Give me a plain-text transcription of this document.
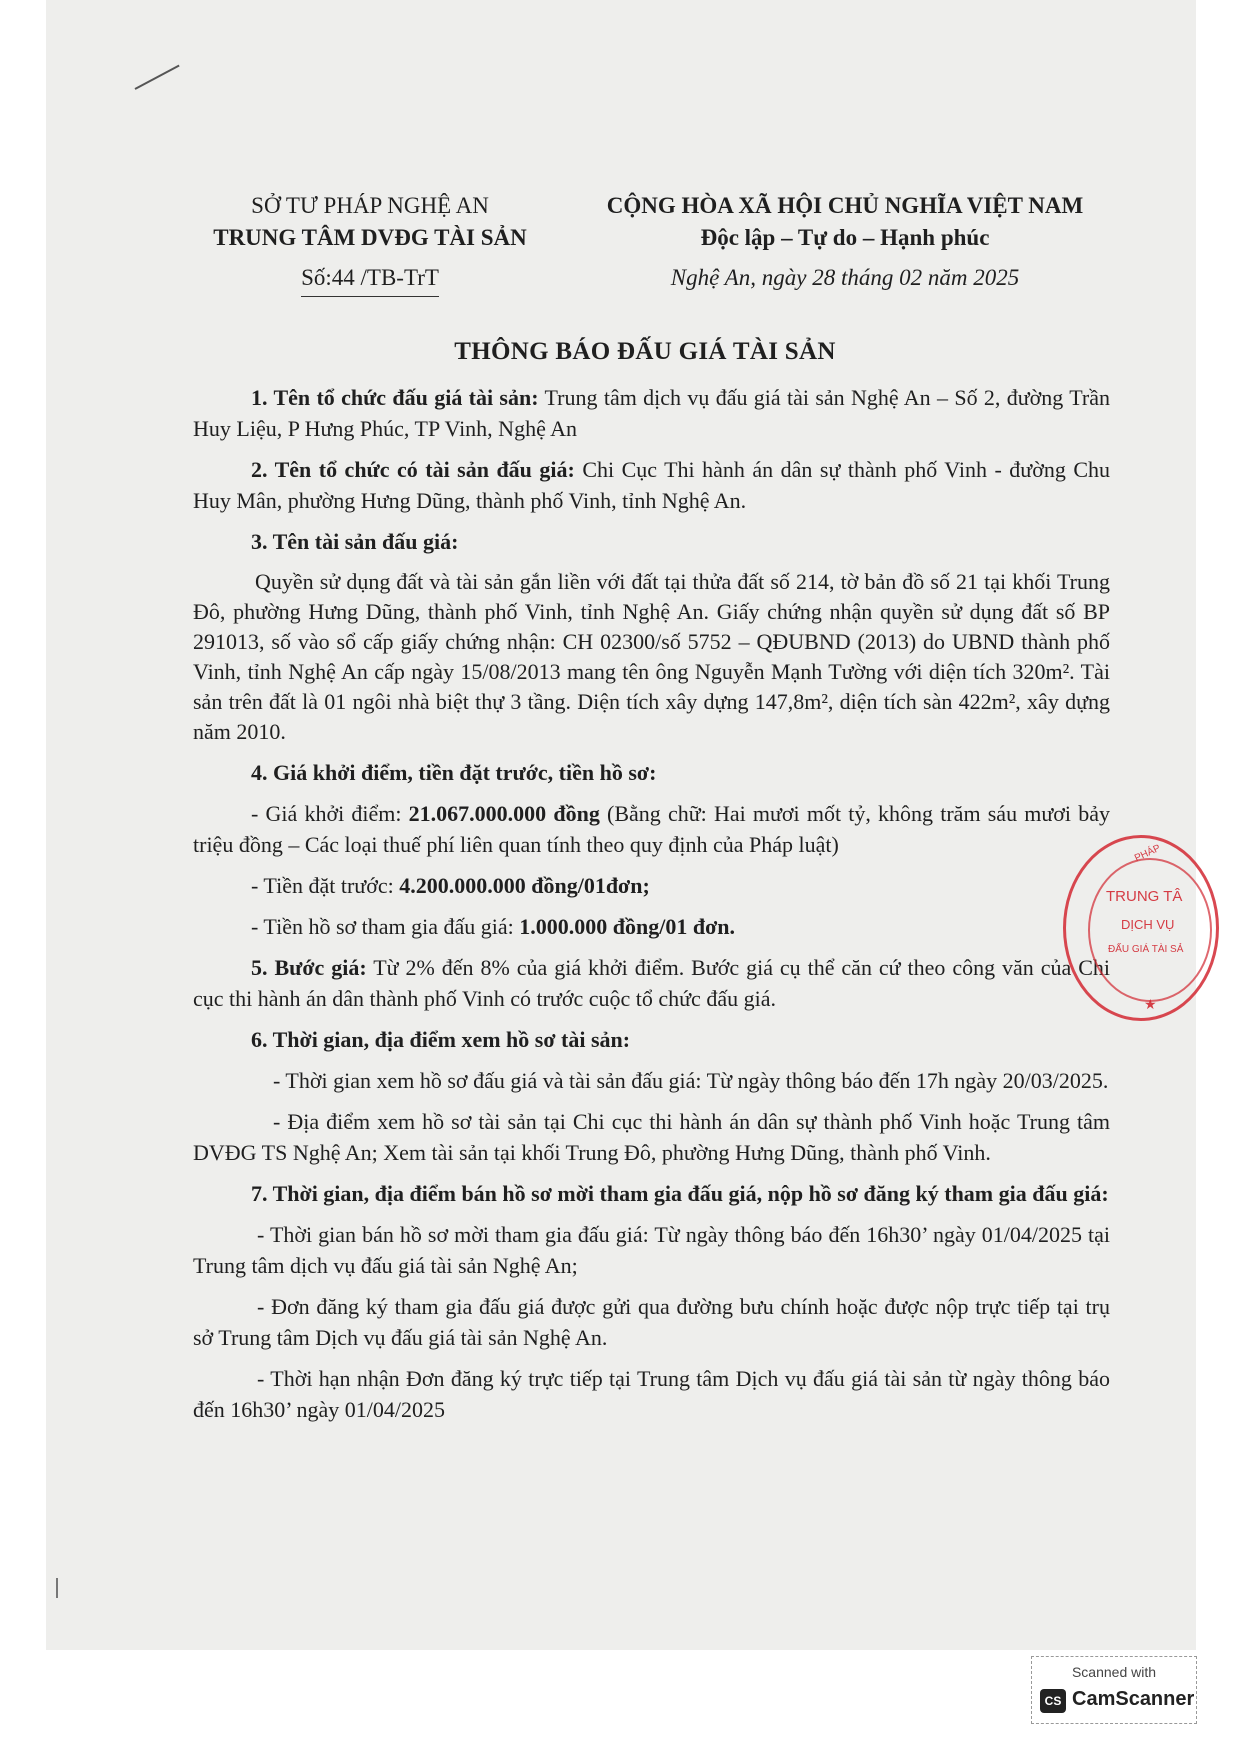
SỞ TƯ PHÁP NGHỆ AN
TRUNG TÂM DVĐG TÀI SẢN
Số:44 /TB-TrT
CỘNG HÒA XÃ HỘI CHỦ NGHĨA VIỆT NAM
Độc lập – Tự do – Hạnh phúc
Nghệ An, ngày 28 tháng 02 năm 2025
THÔNG BÁO ĐẤU GIÁ TÀI SẢN

1. Tên tổ chức đấu giá tài sản: Trung tâm dịch vụ đấu giá tài sản Nghệ An – Số 2, đường Trần Huy Liệu, P Hưng Phúc, TP Vinh, Nghệ An

2. Tên tổ chức có tài sản đấu giá: Chi Cục Thi hành án dân sự thành phố Vinh - đường Chu Huy Mân, phường Hưng Dũng, thành phố Vinh, tỉnh Nghệ An.

3. Tên tài sản đấu giá:

Quyền sử dụng đất và tài sản gắn liền với đất tại thửa đất số 214, tờ bản đồ số 21 tại khối Trung Đô, phường Hưng Dũng, thành phố Vinh, tỉnh Nghệ An. Giấy chứng nhận quyền sử dụng đất số BP 291013, số vào sổ cấp giấy chứng nhận: CH 02300/số 5752 – QĐUBND (2013) do UBND thành phố Vinh, tỉnh Nghệ An cấp ngày 15/08/2013 mang tên ông Nguyễn Mạnh Tường với diện tích 320m². Tài sản trên đất là 01 ngôi nhà biệt thự 3 tầng. Diện tích xây dựng 147,8m², diện tích sàn 422m², xây dựng năm 2010.

4. Giá khởi điểm, tiền đặt trước, tiền hồ sơ:

- Giá khởi điểm: 21.067.000.000 đồng (Bằng chữ: Hai mươi mốt tỷ, không trăm sáu mươi bảy triệu đồng – Các loại thuế phí liên quan tính theo quy định của Pháp luật)

- Tiền đặt trước: 4.200.000.000 đồng/01đơn;

- Tiền hồ sơ tham gia đấu giá: 1.000.000 đồng/01 đơn.

5. Bước giá: Từ 2% đến 8% của giá khởi điểm. Bước giá cụ thể căn cứ theo công văn của Chi cục thi hành án dân thành phố Vinh có trước cuộc tổ chức đấu giá.

6. Thời gian, địa điểm xem hồ sơ tài sản:

- Thời gian xem hồ sơ đấu giá và tài sản đấu giá: Từ ngày thông báo đến 17h ngày 20/03/2025.

- Địa điểm xem hồ sơ tài sản tại Chi cục thi hành án dân sự thành phố Vinh hoặc Trung tâm DVĐG TS Nghệ An; Xem tài sản tại khối Trung Đô, phường Hưng Dũng, thành phố Vinh.

7. Thời gian, địa điểm bán hồ sơ mời tham gia đấu giá, nộp hồ sơ đăng ký tham gia đấu giá:

- Thời gian bán hồ sơ mời tham gia đấu giá: Từ ngày thông báo đến 16h30’ ngày 01/04/2025 tại Trung tâm dịch vụ đấu giá tài sản Nghệ An;

- Đơn đăng ký tham gia đấu giá được gửi qua đường bưu chính hoặc được nộp trực tiếp tại trụ sở Trung tâm Dịch vụ đấu giá tài sản Nghệ An.

- Thời hạn nhận Đơn đăng ký trực tiếp tại Trung tâm Dịch vụ đấu giá tài sản từ ngày thông báo đến 16h30’ ngày 01/04/2025

PHÁP	TỈNH
TRUNG TÂ
DỊCH VỤ
ĐẤU GIÁ TÀI SẢ
★
Scanned with
CS CamScanner
